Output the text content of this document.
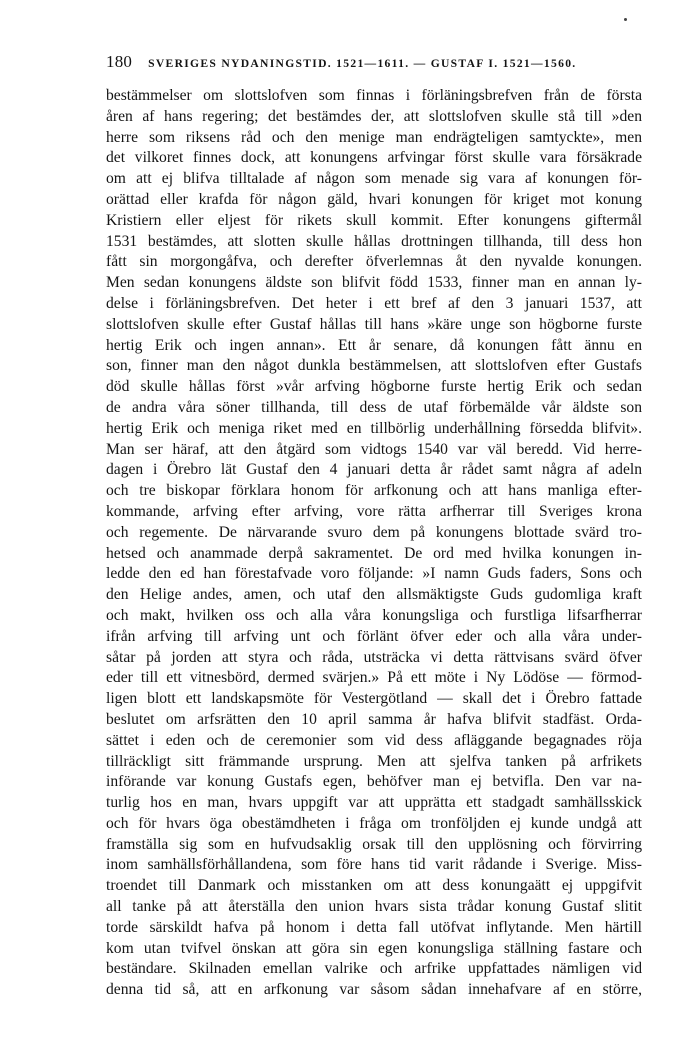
180 SVERIGES NYDANINGSTID. 1521—1611. — GUSTAF I. 1521—1560.
bestämmelser om slottslofven som finnas i förläningsbrefven från de första
åren af hans regering; det bestämdes der, att slottslofven skulle stå till »den
herre som riksens råd och den menige man endrägteligen samtyckte», men
det vilkoret finnes dock, att konungens arfvingar först skulle vara försäkrade
om att ej blifva tilltalade af någon som menade sig vara af konungen för-
orättad eller krafda för någon gäld, hvari konungen för kriget mot konung
Kristiern eller eljest för rikets skull kommit. Efter konungens giftermål
1531 bestämdes, att slotten skulle hållas drottningen tillhanda, till dess hon
fått sin morgongåfva, och derefter öfverlemnas åt den nyvalde konungen.
Men sedan konungens äldste son blifvit född 1533, finner man en annan ly-
delse i förläningsbrefven. Det heter i ett bref af den 3 januari 1537, att
slottslofven skulle efter Gustaf hållas till hans »käre unge son högborne furste
hertig Erik och ingen annan». Ett år senare, då konungen fått ännu en
son, finner man den något dunkla bestämmelsen, att slottslofven efter Gustafs
död skulle hållas först »vår arfving högborne furste hertig Erik och sedan
de andra våra söner tillhanda, till dess de utaf förbemälde vår äldste son
hertig Erik och meniga riket med en tillbörlig underhållning försedda blifvit».
Man ser häraf, att den åtgärd som vidtogs 1540 var väl beredd. Vid herre-
dagen i Örebro lät Gustaf den 4 januari detta år rådet samt några af adeln
och tre biskopar förklara honom för arfkonung och att hans manliga efter-
kommande, arfving efter arfving, vore rätta arfherrar till Sveriges krona
och regemente. De närvarande svuro dem på konungens blottade svärd tro-
hetsed och anammade derpå sakramentet. De ord med hvilka konungen in-
ledde den ed han förestafvade voro följande: »I namn Guds faders, Sons och
den Helige andes, amen, och utaf den allsmäktigste Guds gudomliga kraft
och makt, hvilken oss och alla våra konungsliga och furstliga lifsarfherrar
ifrån arfving till arfving unt och förlänt öfver eder och alla våra under-
såtar på jorden att styra och råda, utsträcka vi detta rättvisans svärd öfver
eder till ett vitnesbörd, dermed svärjen.» På ett möte i Ny Lödöse — förmod-
ligen blott ett landskapsmöte för Vestergötland — skall det i Örebro fattade
beslutet om arfsrätten den 10 april samma år hafva blifvit stadfäst. Orda-
sättet i eden och de ceremonier som vid dess afläggande begagnades röja
tillräckligt sitt främmande ursprung. Men att sjelfva tanken på arfrikets
införande var konung Gustafs egen, behöfver man ej betvifla. Den var na-
turlig hos en man, hvars uppgift var att upprätta ett stadgadt samhällsskick
och för hvars öga obestämdheten i fråga om tronföljden ej kunde undgå att
framställa sig som en hufvudsaklig orsak till den upplösning och förvirring
inom samhällsförhållandena, som före hans tid varit rådande i Sverige. Miss-
troendet till Danmark och misstanken om att dess konungaätt ej uppgifvit
all tanke på att återställa den union hvars sista trådar konung Gustaf slitit
torde särskildt hafva på honom i detta fall utöfvat inflytande. Men härtill
kom utan tvifvel önskan att göra sin egen konungsliga ställning fastare och
beständare. Skilnaden emellan valrike och arfrike uppfattades nämligen vid
denna tid så, att en arfkonung var såsom sådan innehafvare af en större,
